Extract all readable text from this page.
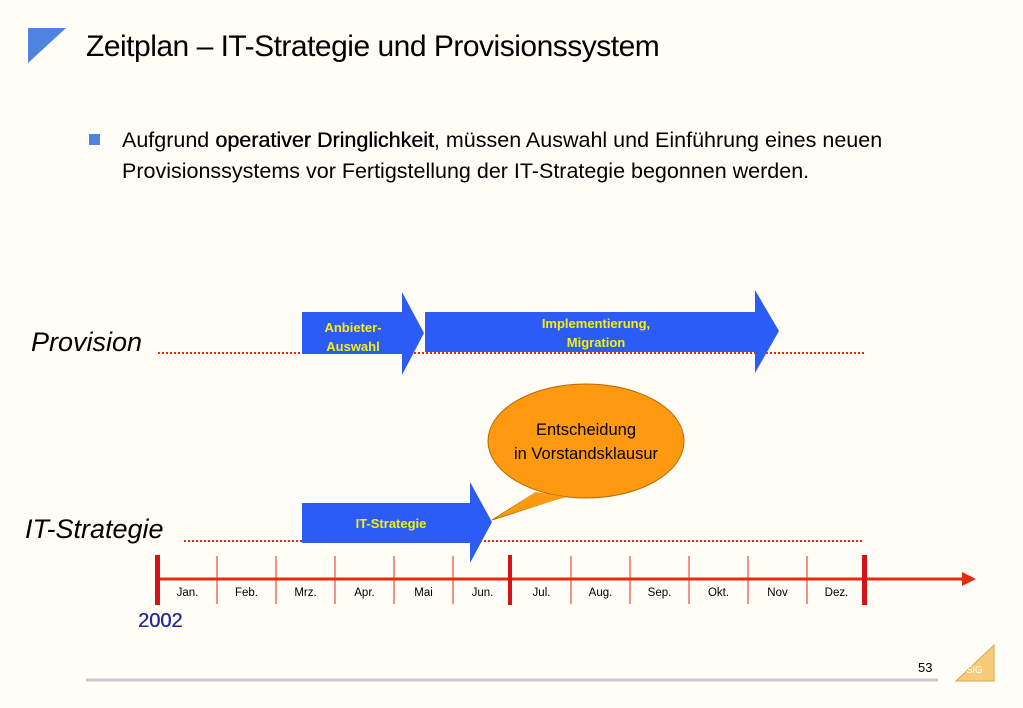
Zeitplan – IT-Strategie und Provisionssystem
Aufgrund operativer Dringlichkeit, müssen Auswahl und Einführung eines neuen Provisionssystems vor Fertigstellung der IT-Strategie begonnen werden.
Provision
IT-Strategie
Anbieter-
Auswahl
Implementierung,
Migration
IT-Strategie
Entscheidung
in Vorstandsklausur
Jan.	Feb.	Mrz.	Apr.	Mai	Jun.	Jul.	Aug.	Sep.	Okt.	Nov	Dez.
2002
53	SiG
